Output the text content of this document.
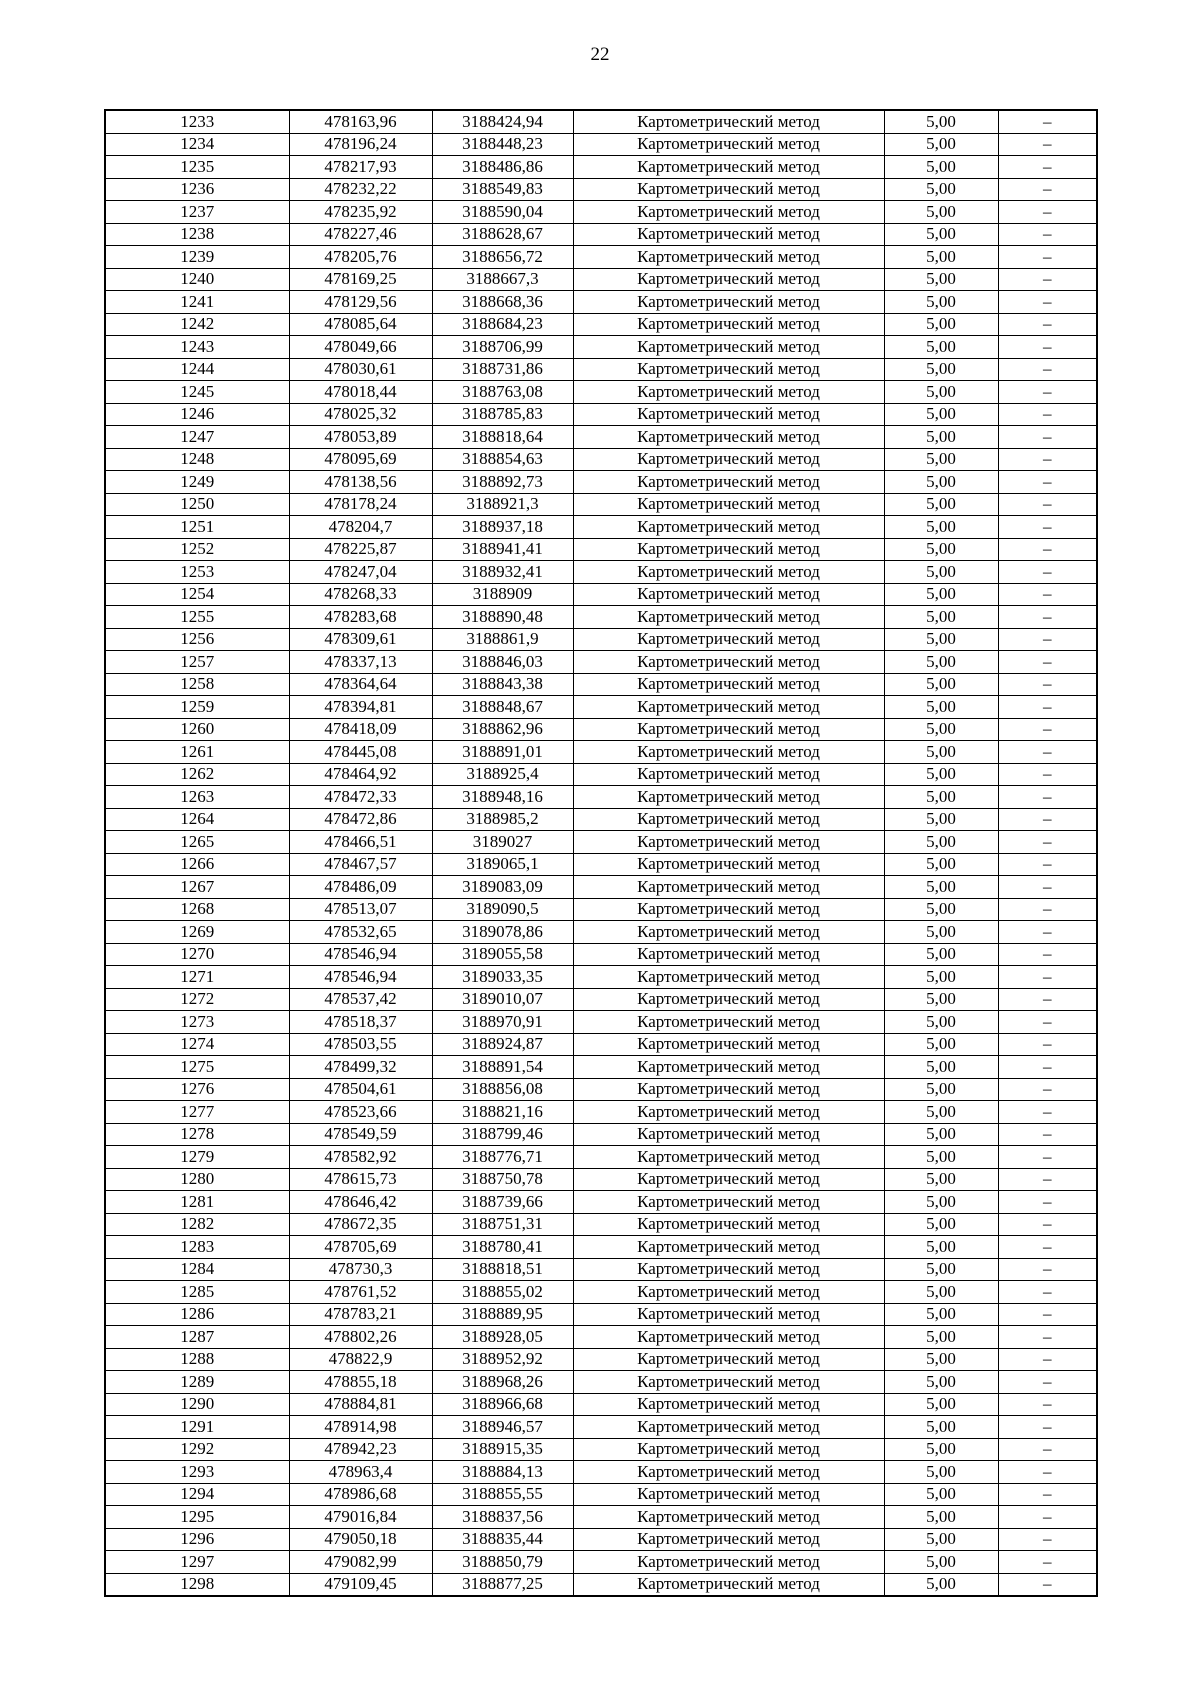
22
1233	478163,96	3188424,94	Картометрический метод	5,00	–
1234	478196,24	3188448,23	Картометрический метод	5,00	–
1235	478217,93	3188486,86	Картометрический метод	5,00	–
1236	478232,22	3188549,83	Картометрический метод	5,00	–
1237	478235,92	3188590,04	Картометрический метод	5,00	–
1238	478227,46	3188628,67	Картометрический метод	5,00	–
1239	478205,76	3188656,72	Картометрический метод	5,00	–
1240	478169,25	3188667,3	Картометрический метод	5,00	–
1241	478129,56	3188668,36	Картометрический метод	5,00	–
1242	478085,64	3188684,23	Картометрический метод	5,00	–
1243	478049,66	3188706,99	Картометрический метод	5,00	–
1244	478030,61	3188731,86	Картометрический метод	5,00	–
1245	478018,44	3188763,08	Картометрический метод	5,00	–
1246	478025,32	3188785,83	Картометрический метод	5,00	–
1247	478053,89	3188818,64	Картометрический метод	5,00	–
1248	478095,69	3188854,63	Картометрический метод	5,00	–
1249	478138,56	3188892,73	Картометрический метод	5,00	–
1250	478178,24	3188921,3	Картометрический метод	5,00	–
1251	478204,7	3188937,18	Картометрический метод	5,00	–
1252	478225,87	3188941,41	Картометрический метод	5,00	–
1253	478247,04	3188932,41	Картометрический метод	5,00	–
1254	478268,33	3188909	Картометрический метод	5,00	–
1255	478283,68	3188890,48	Картометрический метод	5,00	–
1256	478309,61	3188861,9	Картометрический метод	5,00	–
1257	478337,13	3188846,03	Картометрический метод	5,00	–
1258	478364,64	3188843,38	Картометрический метод	5,00	–
1259	478394,81	3188848,67	Картометрический метод	5,00	–
1260	478418,09	3188862,96	Картометрический метод	5,00	–
1261	478445,08	3188891,01	Картометрический метод	5,00	–
1262	478464,92	3188925,4	Картометрический метод	5,00	–
1263	478472,33	3188948,16	Картометрический метод	5,00	–
1264	478472,86	3188985,2	Картометрический метод	5,00	–
1265	478466,51	3189027	Картометрический метод	5,00	–
1266	478467,57	3189065,1	Картометрический метод	5,00	–
1267	478486,09	3189083,09	Картометрический метод	5,00	–
1268	478513,07	3189090,5	Картометрический метод	5,00	–
1269	478532,65	3189078,86	Картометрический метод	5,00	–
1270	478546,94	3189055,58	Картометрический метод	5,00	–
1271	478546,94	3189033,35	Картометрический метод	5,00	–
1272	478537,42	3189010,07	Картометрический метод	5,00	–
1273	478518,37	3188970,91	Картометрический метод	5,00	–
1274	478503,55	3188924,87	Картометрический метод	5,00	–
1275	478499,32	3188891,54	Картометрический метод	5,00	–
1276	478504,61	3188856,08	Картометрический метод	5,00	–
1277	478523,66	3188821,16	Картометрический метод	5,00	–
1278	478549,59	3188799,46	Картометрический метод	5,00	–
1279	478582,92	3188776,71	Картометрический метод	5,00	–
1280	478615,73	3188750,78	Картометрический метод	5,00	–
1281	478646,42	3188739,66	Картометрический метод	5,00	–
1282	478672,35	3188751,31	Картометрический метод	5,00	–
1283	478705,69	3188780,41	Картометрический метод	5,00	–
1284	478730,3	3188818,51	Картометрический метод	5,00	–
1285	478761,52	3188855,02	Картометрический метод	5,00	–
1286	478783,21	3188889,95	Картометрический метод	5,00	–
1287	478802,26	3188928,05	Картометрический метод	5,00	–
1288	478822,9	3188952,92	Картометрический метод	5,00	–
1289	478855,18	3188968,26	Картометрический метод	5,00	–
1290	478884,81	3188966,68	Картометрический метод	5,00	–
1291	478914,98	3188946,57	Картометрический метод	5,00	–
1292	478942,23	3188915,35	Картометрический метод	5,00	–
1293	478963,4	3188884,13	Картометрический метод	5,00	–
1294	478986,68	3188855,55	Картометрический метод	5,00	–
1295	479016,84	3188837,56	Картометрический метод	5,00	–
1296	479050,18	3188835,44	Картометрический метод	5,00	–
1297	479082,99	3188850,79	Картометрический метод	5,00	–
1298	479109,45	3188877,25	Картометрический метод	5,00	–
